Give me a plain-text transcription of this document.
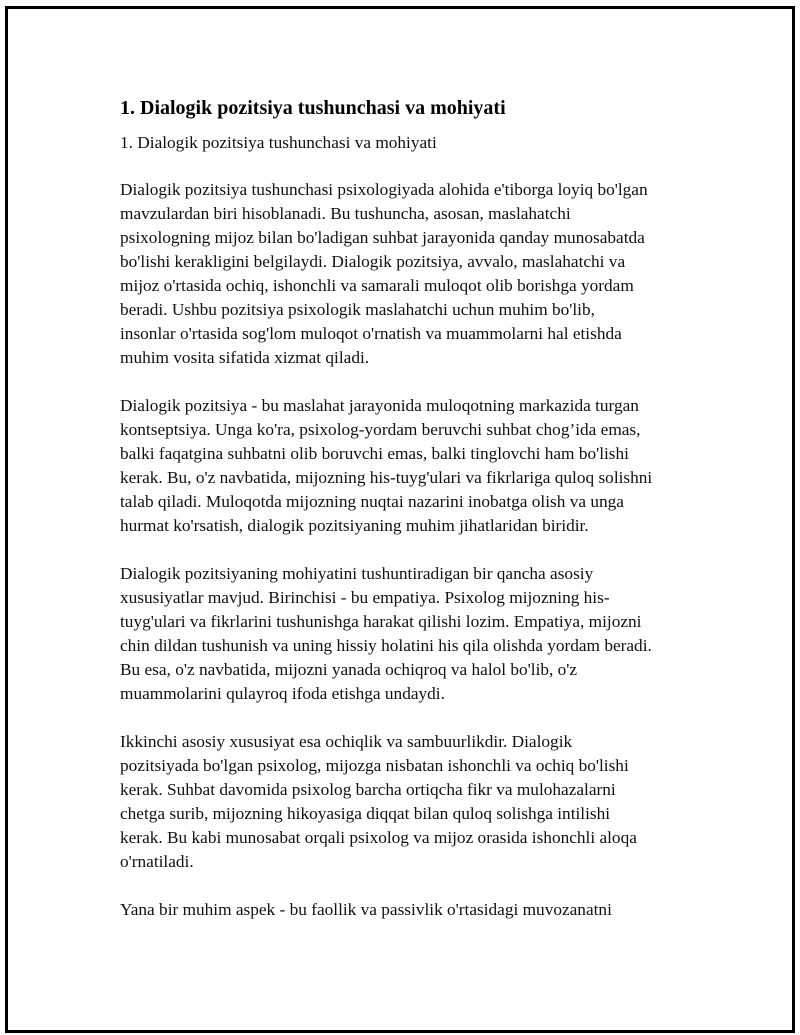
1. Dialogik pozitsiya tushunchasi va mohiyati
1. Dialogik pozitsiya tushunchasi va mohiyati
Dialogik pozitsiya tushunchasi psixologiyada alohida e'tiborga loyiq bo'lgan
mavzulardan biri hisoblanadi. Bu tushuncha, asosan, maslahatchi
psixologning mijoz bilan bo'ladigan suhbat jarayonida qanday munosabatda
bo'lishi kerakligini belgilaydi. Dialogik pozitsiya, avvalo, maslahatchi va
mijoz o'rtasida ochiq, ishonchli va samarali muloqot olib borishga yordam
beradi. Ushbu pozitsiya psixologik maslahatchi uchun muhim bo'lib,
insonlar o'rtasida sog'lom muloqot o'rnatish va muammolarni hal etishda
muhim vosita sifatida xizmat qiladi.
Dialogik pozitsiya - bu maslahat jarayonida muloqotning markazida turgan
kontseptsiya. Unga ko'ra, psixolog-yordam beruvchi suhbat chog’ida emas,
balki faqatgina suhbatni olib boruvchi emas, balki tinglovchi ham bo'lishi
kerak. Bu, o'z navbatida, mijozning his-tuyg'ulari va fikrlariga quloq solishni
talab qiladi. Muloqotda mijozning nuqtai nazarini inobatga olish va unga
hurmat ko'rsatish, dialogik pozitsiyaning muhim jihatlaridan biridir.
Dialogik pozitsiyaning mohiyatini tushuntiradigan bir qancha asosiy
xususiyatlar mavjud. Birinchisi - bu empatiya. Psixolog mijozning his-
tuyg'ulari va fikrlarini tushunishga harakat qilishi lozim. Empatiya, mijozni
chin dildan tushunish va uning hissiy holatini his qila olishda yordam beradi.
Bu esa, o'z navbatida, mijozni yanada ochiqroq va halol bo'lib, o'z
muammolarini qulayroq ifoda etishga undaydi.
Ikkinchi asosiy xususiyat esa ochiqlik va sambuurlikdir. Dialogik
pozitsiyada bo'lgan psixolog, mijozga nisbatan ishonchli va ochiq bo'lishi
kerak. Suhbat davomida psixolog barcha ortiqcha fikr va mulohazalarni
chetga surib, mijozning hikoyasiga diqqat bilan quloq solishga intilishi
kerak. Bu kabi munosabat orqali psixolog va mijoz orasida ishonchli aloqa
o'rnatiladi.
Yana bir muhim aspek - bu faollik va passivlik o'rtasidagi muvozanatni
